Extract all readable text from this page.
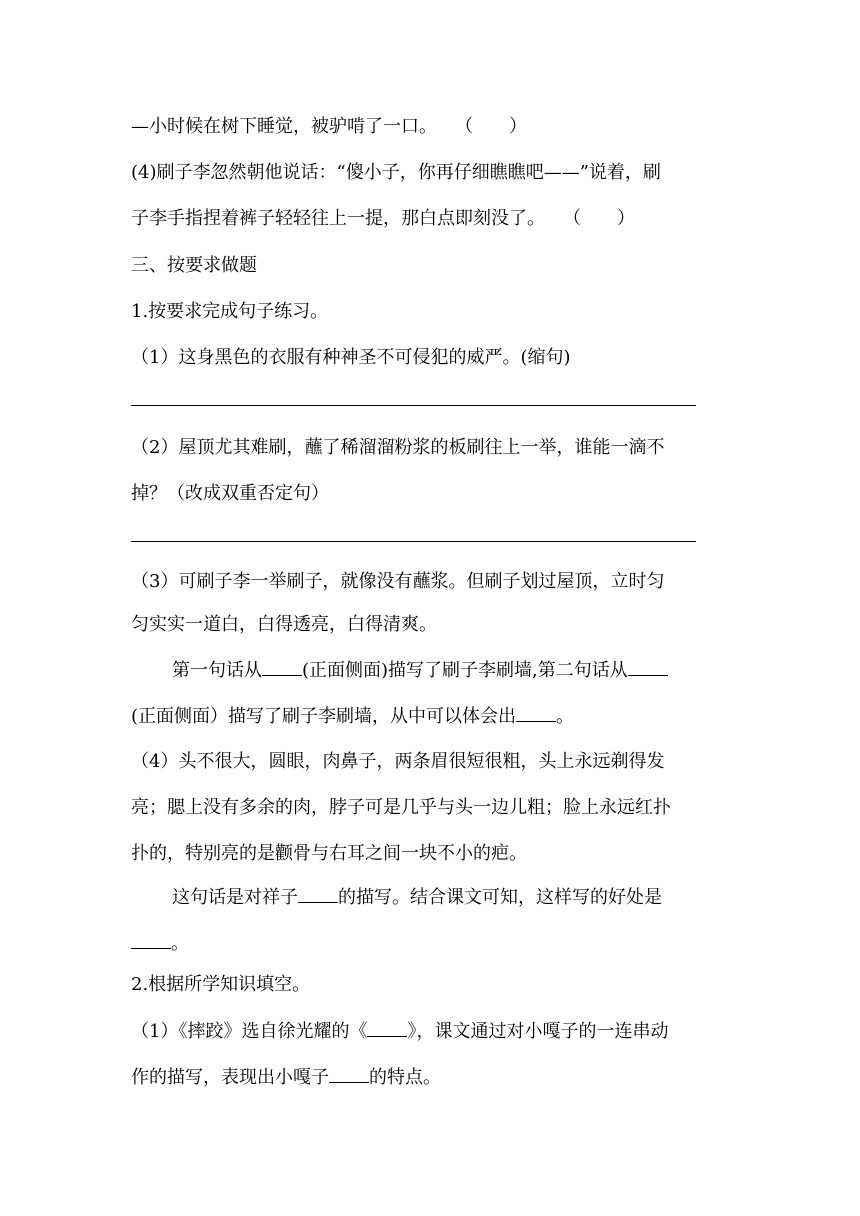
—小时候在树下睡觉，被驴啃了一口。　　（　　）
(4)刷子李忽然朝他说话：“傻小子，你再仔细瞧瞧吧——”说着，刷
子李手指捏着裤子轻轻往上一提，那白点即刻没了。　　（　　）
三、按要求做题
1.按要求完成句子练习。
（1）这身黑色的衣服有种神圣不可侵犯的威严。(缩句)
（2）屋顶尤其难刷，蘸了稀溜溜粉浆的板刷往上一举，谁能一滴不
掉？（改成双重否定句）
（3）可刷子李一举刷子，就像没有蘸浆。但刷子划过屋顶，立时匀
匀实实一道白，白得透亮，白得清爽。
第一句话从 (正面侧面)描写了刷子李刷墙,第二句话从
(正面侧面）描写了刷子李刷墙，从中可以体会出 。
（4）头不很大，圆眼，肉鼻子，两条眉很短很粗，头上永远剃得发
亮；腮上没有多余的肉，脖子可是几乎与头一边儿粗；脸上永远红扑
扑的，特别亮的是颧骨与右耳之间一块不小的疤。
这句话是对祥子 的描写。结合课文可知，这样写的好处是
。
2.根据所学知识填空。
（1）《摔跤》选自徐光耀的《 》，课文通过对小嘎子的一连串动
作的描写，表现出小嘎子 的特点。
